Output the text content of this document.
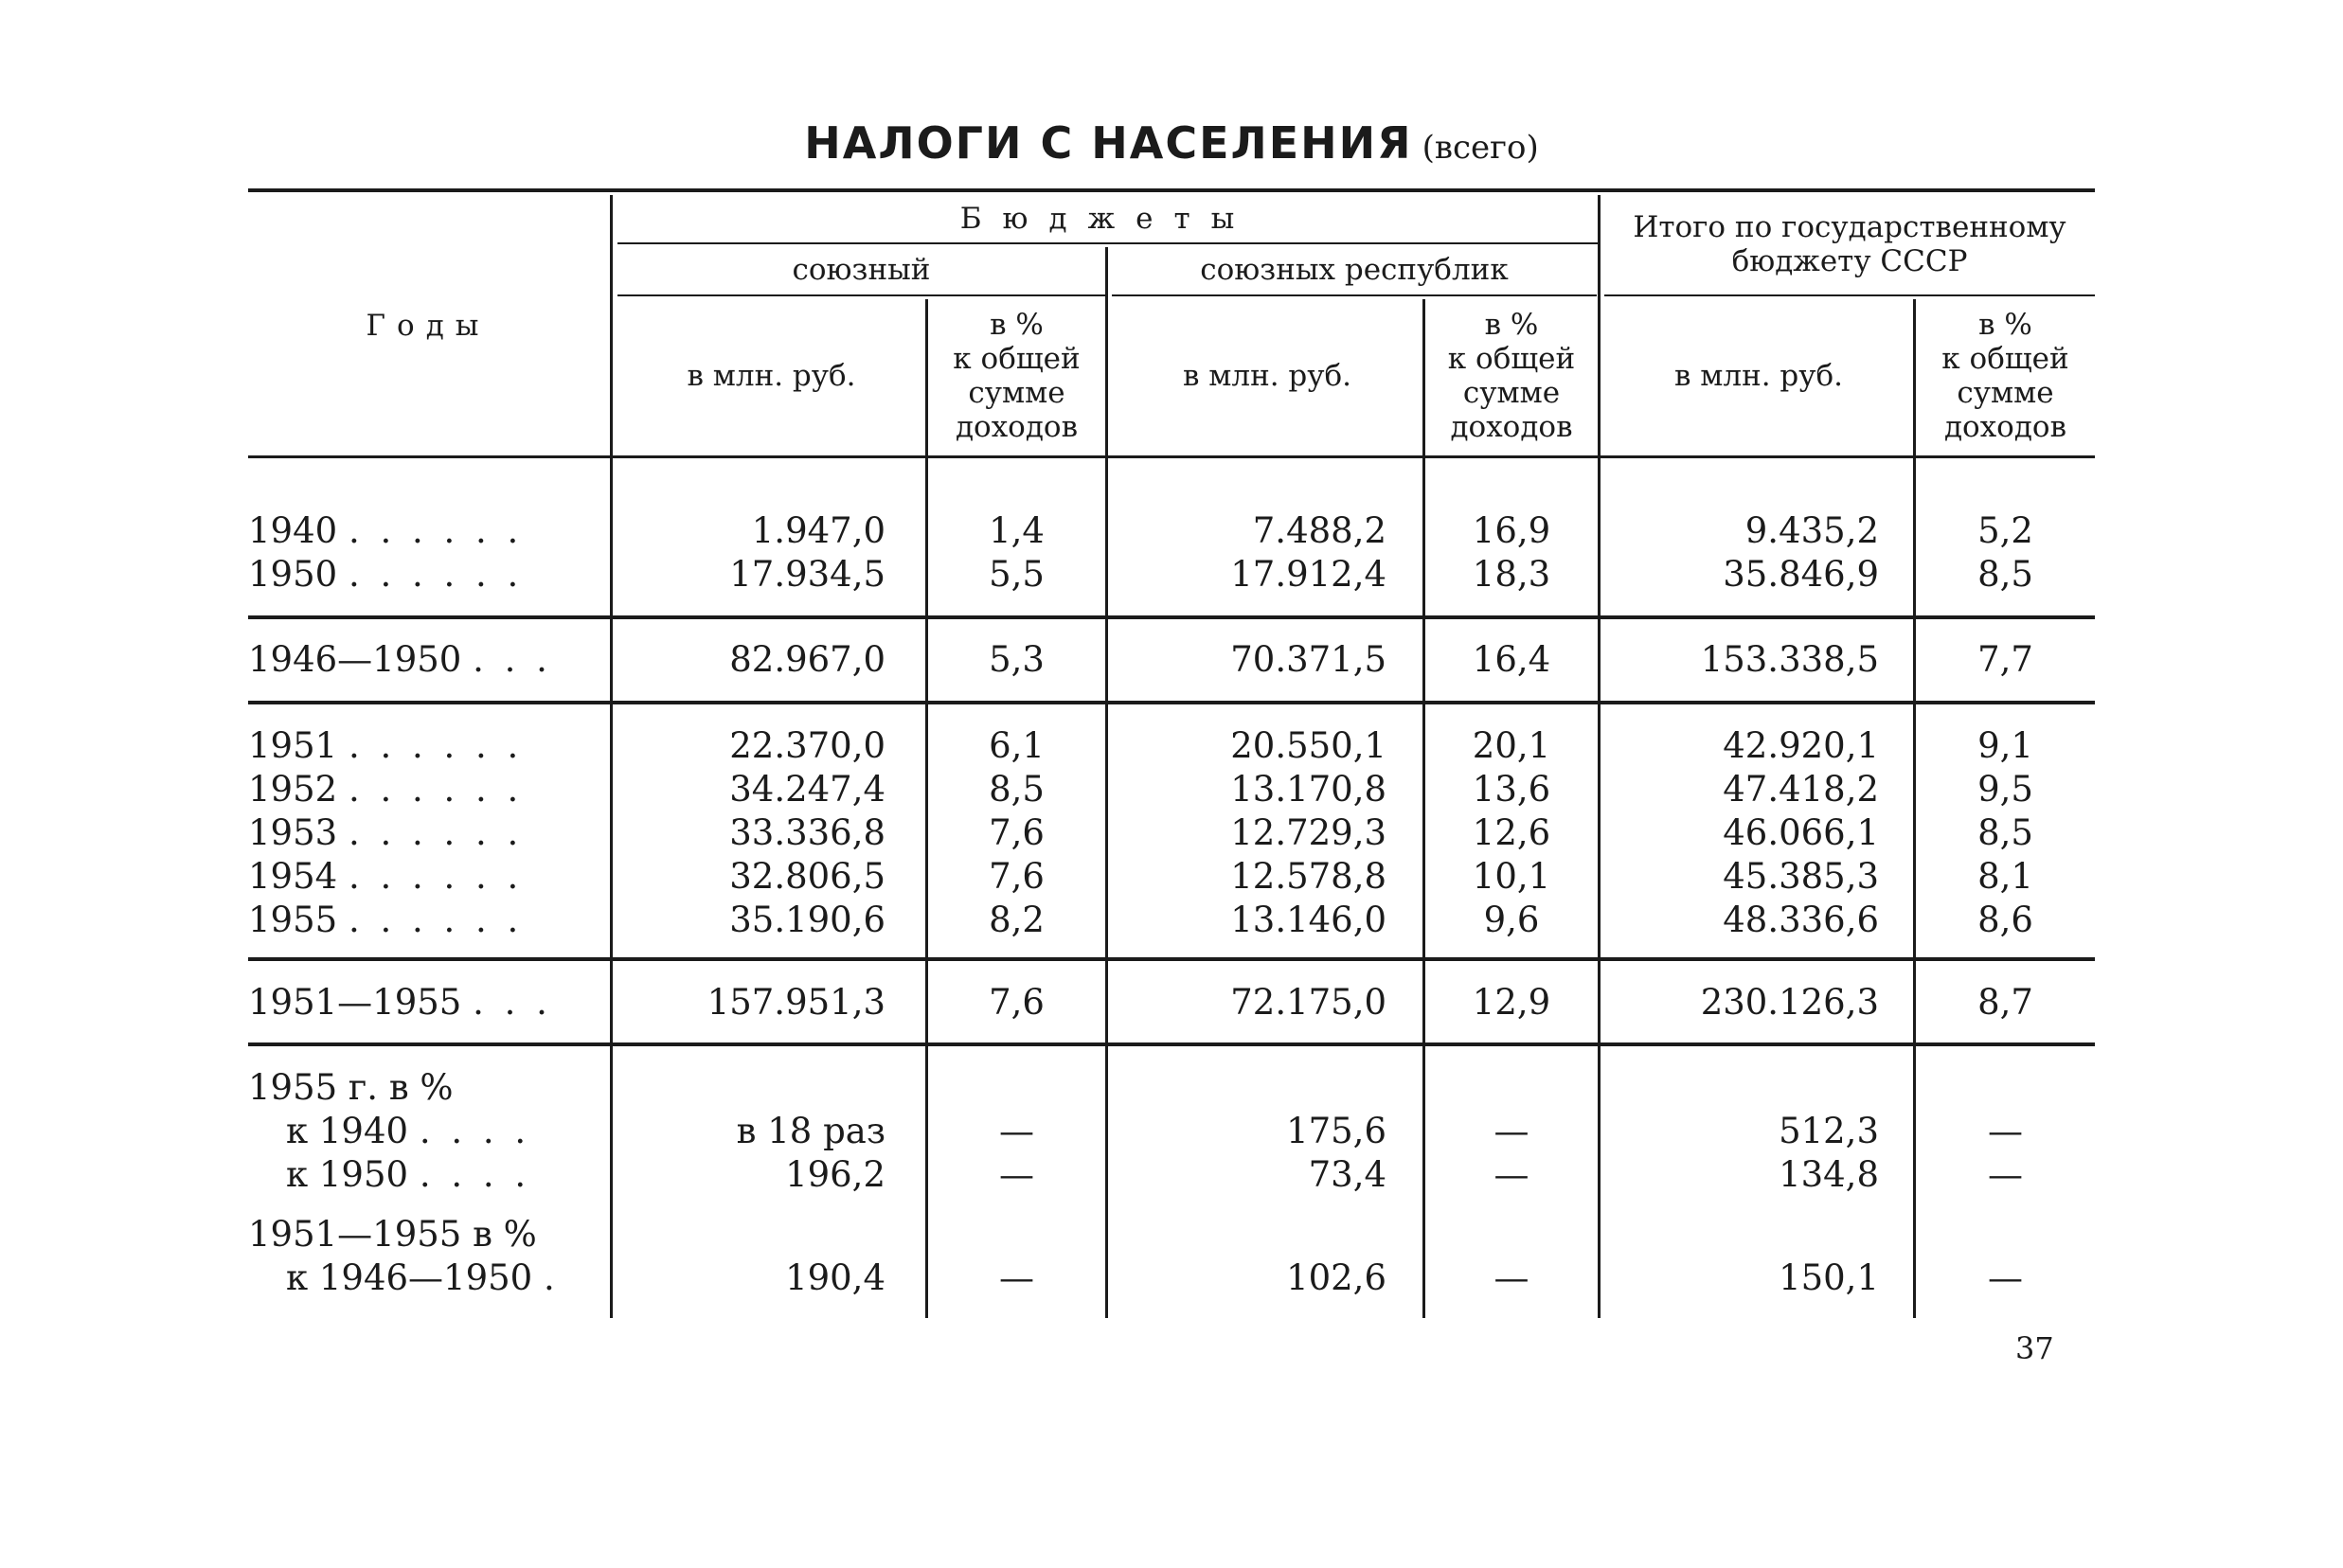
НАЛОГИ С НАСЕЛЕНИЯ (всего)
Годы
Бюджеты
союзный	союзных республик
Итого по государственному бюджету СССР
в млн. руб.
в %
к общей
сумме
доходов
в млн. руб.
в %
к общей
сумме
доходов
в млн. руб.
в %
к общей
сумме
доходов
1940 . . . . . .	1.947,0	1,4	7.488,2	16,9	9.435,2	5,2
1950 . . . . . .	17.934,5	5,5	17.912,4	18,3	35.846,9	8,5
1946—1950 . . .	82.967,0	5,3	70.371,5	16,4	153.338,5	7,7
1951 . . . . . .	22.370,0	6,1	20.550,1	20,1	42.920,1	9,1
1952 . . . . . .	34.247,4	8,5	13.170,8	13,6	47.418,2	9,5
1953 . . . . . .	33.336,8	7,6	12.729,3	12,6	46.066,1	8,5
1954 . . . . . .	32.806,5	7,6	12.578,8	10,1	45.385,3	8,1
1955 . . . . . .	35.190,6	8,2	13.146,0	9,6	48.336,6	8,6
1951—1955 . . .	157.951,3	7,6	72.175,0	12,9	230.126,3	8,7
1955 г. в %
к 1940 . . . .	в 18 раз	—	175,6	—	512,3	—
к 1950 . . . .	196,2	—	73,4	—	134,8	—
1951—1955 в %
к 1946—1950 .	190,4	—	102,6	—	150,1	—
37
